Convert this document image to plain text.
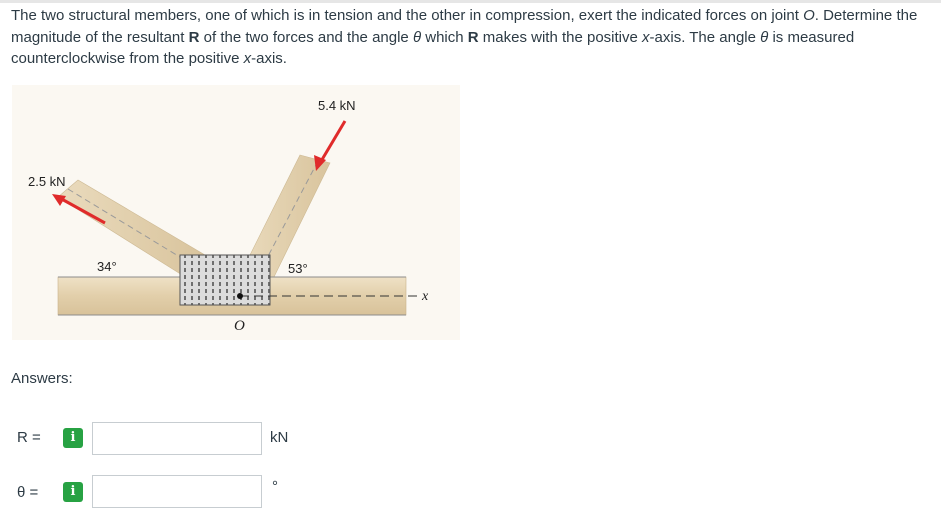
The two structural members, one of which is in tension and the other in compression, exert the indicated forces on joint O. Determine the magnitude of the resultant R of the two forces and the angle θ which R makes with the positive x-axis. The angle θ is measured counterclockwise from the positive x-axis.
2.5 kN
5.4 kN
34°	53°
O
x
Answers:
R =	i	kN
θ =	i	°
